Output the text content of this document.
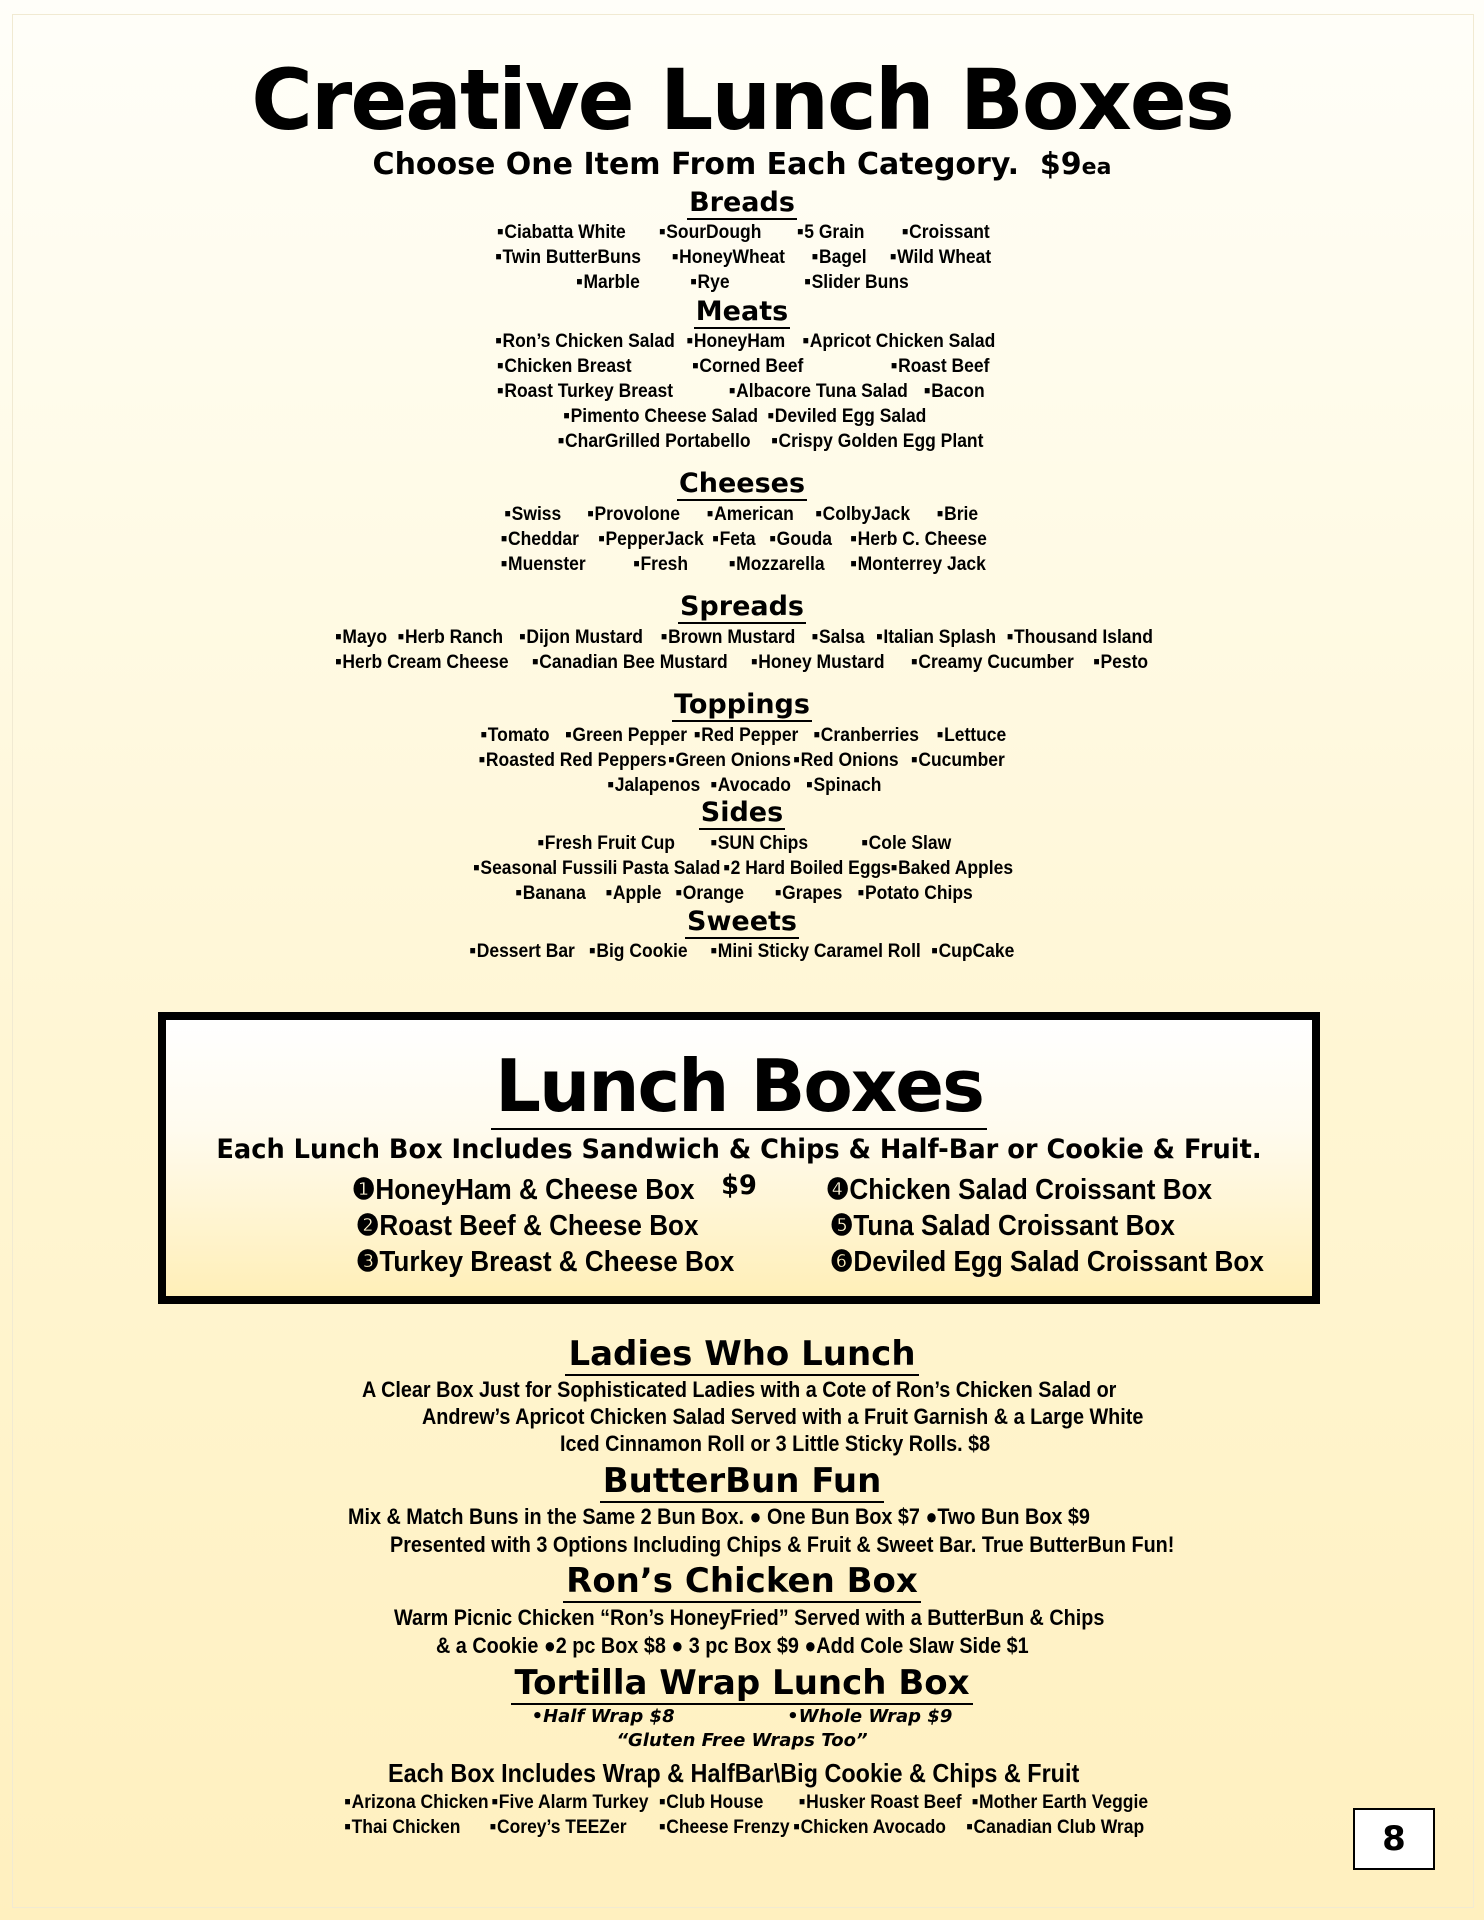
Creative Lunch Boxes
Choose One Item From Each Category. $9ea
Breads
■ Ciabatta White	■ SourDough	■ 5 Grain	■ Croissant
■ Twin ButterBuns	■ HoneyWheat	■ Bagel	■ Wild Wheat
■ Marble	■ Rye	■ Slider Buns
Meats
■ Ron’s Chicken Salad	■ HoneyHam	■ Apricot Chicken Salad
■ Chicken Breast	■ Corned Beef	■ Roast Beef
■ Roast Turkey Breast	■ Albacore Tuna Salad	■ Bacon
■ Pimento Cheese Salad ■ Deviled Egg Salad
■ CharGrilled Portabello	■ Crispy Golden Egg Plant
Cheeses
■ Swiss	■ Provolone	■ American	■ ColbyJack	■ Brie
■ Cheddar	■ PepperJack ■ Feta	■ Gouda	■ Herb C. Cheese
■ Muenster	■ Fresh	■ Mozzarella	■ Monterrey Jack
Spreads
■ Mayo ■ Herb Ranch	■ Dijon Mustard	■ Brown Mustard	■ Salsa ■ Italian Splash ■ Thousand Island
■ Herb Cream Cheese	■ Canadian Bee Mustard	■ Honey Mustard	■ Creamy Cucumber	■ Pesto
Toppings
■ Tomato	■ Green Pepper ■ Red Pepper	■ Cranberries	■ Lettuce
■ Roasted Red Peppers ■ Green Onions ■ Red Onions	■ Cucumber
■ Jalapenos ■ Avocado	■ Spinach
Sides
■ Fresh Fruit Cup	■ SUN Chips	■ Cole Slaw
■ Seasonal Fussili Pasta Salad ■ 2 Hard Boiled Eggs ■ Baked Apples
■ Banana	■ Apple	■ Orange	■ Grapes	■ Potato Chips
Sweets
■ Dessert Bar	■ Big Cookie	■ Mini Sticky Caramel Roll ■ CupCake
Lunch Boxes
Each Lunch Box Includes Sandwich & Chips & Half-Bar or Cookie & Fruit. $9
❶HoneyHam & Cheese Box
❷Roast Beef & Cheese Box
❸Turkey Breast & Cheese Box
❹Chicken Salad Croissant Box
❺Tuna Salad Croissant Box
❻Deviled Egg Salad Croissant Box
Ladies Who Lunch
A Clear Box Just for Sophisticated Ladies with a Cote of Ron’s Chicken Salad or
Andrew’s Apricot Chicken Salad Served with a Fruit Garnish & a Large White
Iced Cinnamon Roll or 3 Little Sticky Rolls. $8
ButterBun Fun
Mix & Match Buns in the Same 2 Bun Box. ● One Bun Box $7 ●Two Bun Box $9
Presented with 3 Options Including Chips & Fruit & Sweet Bar. True ButterBun Fun!
Ron’s Chicken Box
Warm Picnic Chicken “Ron’s HoneyFried” Served with a ButterBun & Chips
& a Cookie ●2 pc Box $8 ● 3 pc Box $9 ●Add Cole Slaw Side $1
Tortilla Wrap Lunch Box
•Half Wrap $8	•Whole Wrap $9
“Gluten Free Wraps Too”
Each Box Includes Wrap & HalfBar\Big Cookie & Chips & Fruit
■ Arizona Chicken ■ Five Alarm Turkey ■ Club House	■ Husker Roast Beef ■ Mother Earth Veggie
■ Thai Chicken	■ Corey’s TEEZer	■ Cheese Frenzy ■ Chicken Avocado	■ Canadian Club Wrap	8
